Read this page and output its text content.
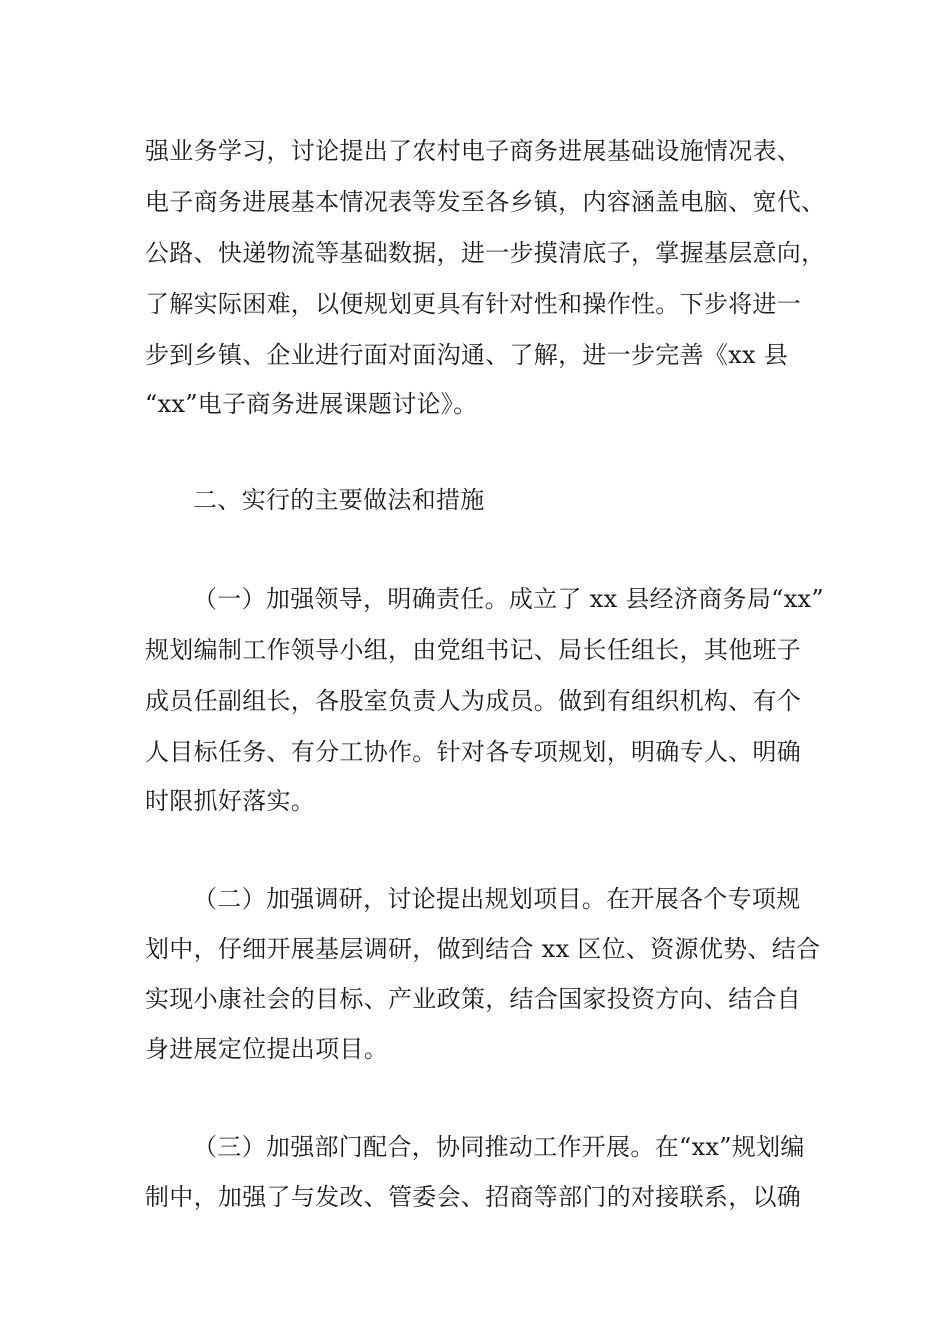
强业务学习，讨论提出了农村电子商务进展基础设施情况表、
电子商务进展基本情况表等发至各乡镇，内容涵盖电脑、宽代、
公路、快递物流等基础数据，进一步摸清底子，掌握基层意向，
了解实际困难，以便规划更具有针对性和操作性。下步将进一
步到乡镇、企业进行面对面沟通、了解，进一步完善《xx 县
“xx”电子商务进展课题讨论》。
二、实行的主要做法和措施
（一）加强领导，明确责任。成立了 xx 县经济商务局“xx”
规划编制工作领导小组，由党组书记、局长任组长，其他班子
成员任副组长，各股室负责人为成员。做到有组织机构、有个
人目标任务、有分工协作。针对各专项规划，明确专人、明确
时限抓好落实。
（二）加强调研，讨论提出规划项目。在开展各个专项规
划中，仔细开展基层调研，做到结合 xx 区位、资源优势、结合
实现小康社会的目标、产业政策，结合国家投资方向、结合自
身进展定位提出项目。
（三）加强部门配合，协同推动工作开展。在“xx”规划编
制中，加强了与发改、管委会、招商等部门的对接联系，以确
